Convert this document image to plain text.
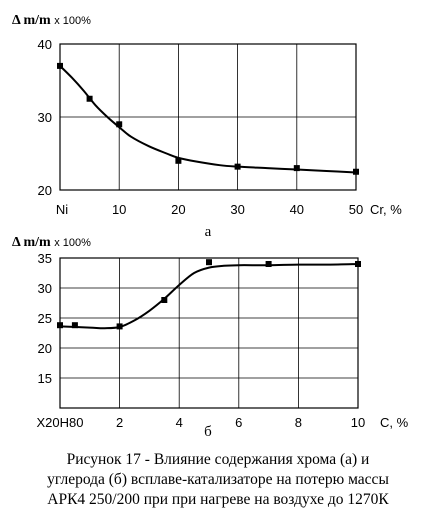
20
30
40
10	20	30	40	50
Ni	Cr, %
Δ m/m x 100%
а
15
20
25
30
35
2	4	6	8	10
Х20Н80	C, %
Δ m/m x 100%
б
Рисунок 17 - Влияние содержания хрома (а) и
углерода (б) всплаве-катализаторе на потерю массы
АРК4 250/200 при при нагреве на воздухе до 1270К
